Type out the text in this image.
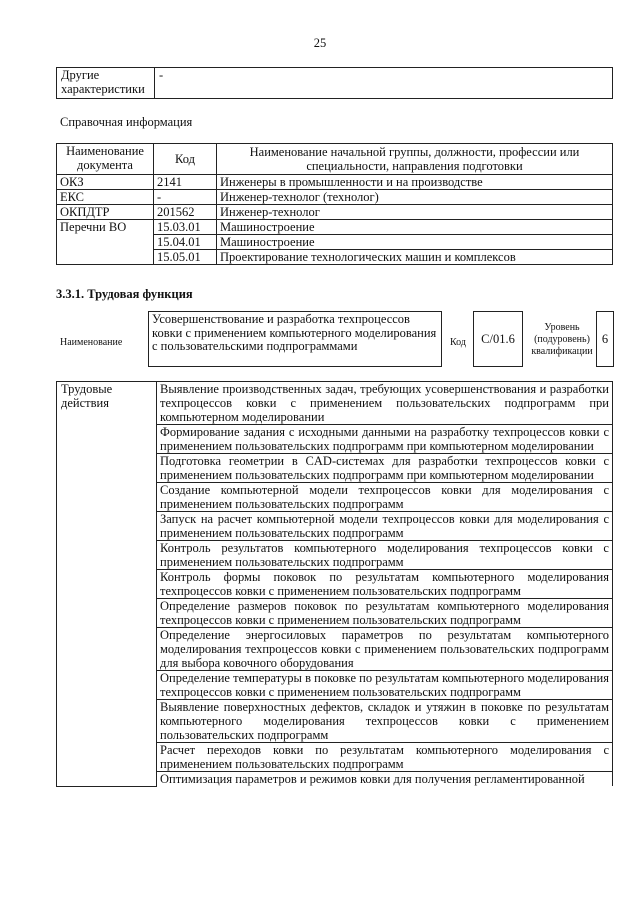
25
Другие характеристики	-
Справочная информация
Наименование документа	Код	Наименование начальной группы, должности, профессии или специальности, направления подготовки
ОКЗ	2141	Инженеры в промышленности и на производстве
ЕКС	-	Инженер-технолог (технолог)
ОКПДТР	201562	Инженер-технолог
Перечни ВО	15.03.01	Машиностроение
	15.04.01	Машиностроение
	15.05.01	Проектирование технологических машин и комплексов
3.3.1. Трудовая функция
Наименование
Усовершенствование и разработка техпроцессов ковки с применением компьютерного моделирования с пользовательскими подпрограммами	Код	C/01.6
Уровень (подуровень) квалификации
6
Трудовые действия	Выявление производственных задач, требующих усовершенствования и разработки техпроцессов ковки с применением пользовательских подпрограмм при компьютерном моделировании
Формирование задания с исходными данными на разработку техпроцессов ковки с применением пользовательских подпрограмм при компьютерном моделировании
Подготовка геометрии в CAD-системах для разработки техпроцессов ковки с применением пользовательских подпрограмм при компьютерном моделировании
Создание компьютерной модели техпроцессов ковки для моделирования с применением пользовательских подпрограмм
Запуск на расчет компьютерной модели техпроцессов ковки для моделирования с применением пользовательских подпрограмм
Контроль результатов компьютерного моделирования техпроцессов ковки с применением пользовательских подпрограмм
Контроль формы поковок по результатам компьютерного моделирования техпроцессов ковки с применением пользовательских подпрограмм
Определение размеров поковок по результатам компьютерного моделирования техпроцессов ковки с применением пользовательских подпрограмм
Определение энергосиловых параметров по результатам компьютерного моделирования техпроцессов ковки с применением пользовательских подпрограмм для выбора ковочного оборудования
Определение температуры в поковке по результатам компьютерного моделирования техпроцессов ковки с применением пользовательских подпрограмм
Выявление поверхностных дефектов, складок и утяжин в поковке по результатам компьютерного моделирования техпроцессов ковки с применением пользовательских подпрограмм
Расчет переходов ковки по результатам компьютерного моделирования с применением пользовательских подпрограмм
Оптимизация параметров и режимов ковки для получения регламентированной
